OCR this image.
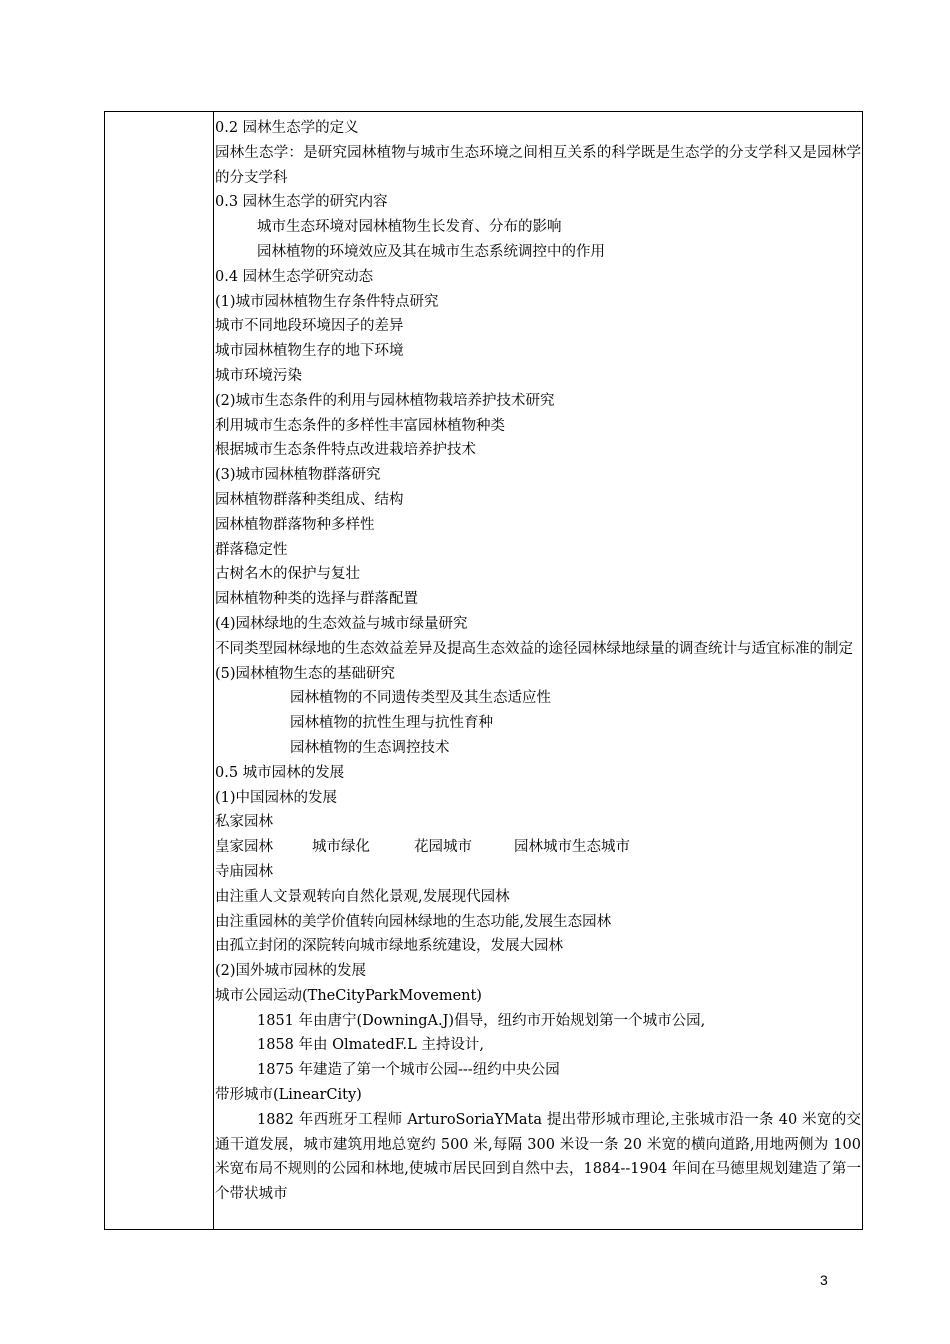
0.2 园林生态学的定义
园林生态学：是研究园林植物与城市生态环境之间相互关系的科学既是生态学的分支学科又是园林学的分支学科
0.3 园林生态学的研究内容
城市生态环境对园林植物生长发育、分布的影响
园林植物的环境效应及其在城市生态系统调控中的作用
0.4 园林生态学研究动态
(1)城市园林植物生存条件特点研究
城市不同地段环境因子的差异
城市园林植物生存的地下环境
城市环境污染
(2)城市生态条件的利用与园林植物栽培养护技术研究
利用城市生态条件的多样性丰富园林植物种类
根据城市生态条件特点改进栽培养护技术
(3)城市园林植物群落研究
园林植物群落种类组成、结构
园林植物群落物种多样性
群落稳定性
古树名木的保护与复壮
园林植物种类的选择与群落配置
(4)园林绿地的生态效益与城市绿量研究
不同类型园林绿地的生态效益差异及提高生态效益的途径园林绿地绿量的调查统计与适宜标准的制定
(5)园林植物生态的基础研究
园林植物的不同遗传类型及其生态适应性
园林植物的抗性生理与抗性育种
园林植物的生态调控技术
0.5 城市园林的发展
(1)中国园林的发展
私家园林
皇家园林	城市绿化	花园城市	园林城市生态城市
寺庙园林
由注重人文景观转向自然化景观,发展现代园林
由注重园林的美学价值转向园林绿地的生态功能,发展生态园林
由孤立封闭的深院转向城市绿地系统建设，发展大园林
(2)国外城市园林的发展
城市公园运动(TheCityParkMovement)
1851 年由唐宁(DowningA.J)倡导，纽约市开始规划第一个城市公园,
1858 年由 OlmatedF.L 主持设计,
1875 年建造了第一个城市公园---纽约中央公园
带形城市(LinearCity)
1882 年西班牙工程师 ArturoSoriaYMata 提出带形城市理论,主张城市沿一条 40 米宽的交通干道发展，城市建筑用地总宽约 500 米,每隔 300 米设一条 20 米宽的横向道路,用地两侧为 100 米宽布局不规则的公园和林地,使城市居民回到自然中去，1884--1904 年间在马德里规划建造了第一个带状城市
3
